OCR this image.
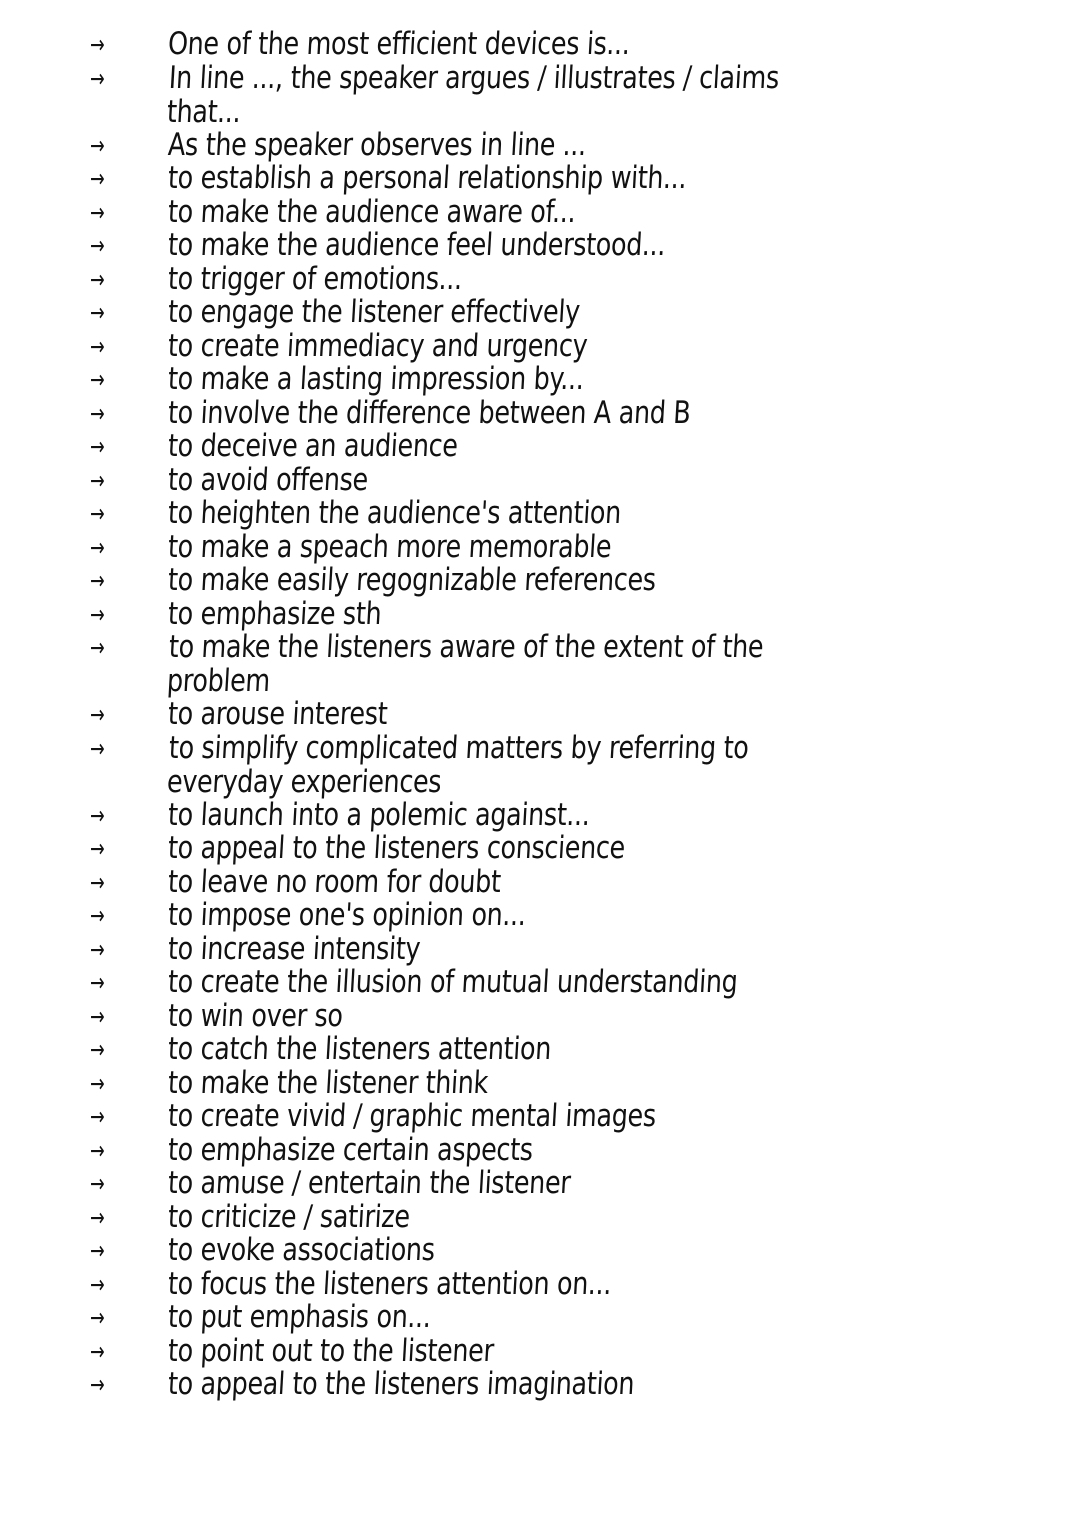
→	One of the most efficient devices is...
→	In line ..., the speaker argues / illustrates / claims that...
→	As the speaker observes in line ...
→	to establish a personal relationship with...
→	to make the audience aware of...
→	to make the audience feel understood...
→	to trigger of emotions...
→	to engage the listener effectively
→	to create immediacy and urgency
→	to make a lasting impression by...
→	to involve the difference between A and B
→	to deceive an audience
→	to avoid offense
→	to heighten the audience's attention
→	to make a speach more memorable
→	to make easily regognizable references
→	to emphasize sth
→	to make the listeners aware of the extent of the problem
→	to arouse interest
→	to simplify complicated matters by referring to everyday experiences
→	to launch into a polemic against...
→	to appeal to the listeners conscience
→	to leave no room for doubt
→	to impose one's opinion on...
→	to increase intensity
→	to create the illusion of mutual understanding
→	to win over so
→	to catch the listeners attention
→	to make the listener think
→	to create vivid / graphic mental images
→	to emphasize certain aspects
→	to amuse / entertain the listener
→	to criticize / satirize
→	to evoke associations
→	to focus the listeners attention on...
→	to put emphasis on...
→	to point out to the listener
→	to appeal to the listeners imagination
